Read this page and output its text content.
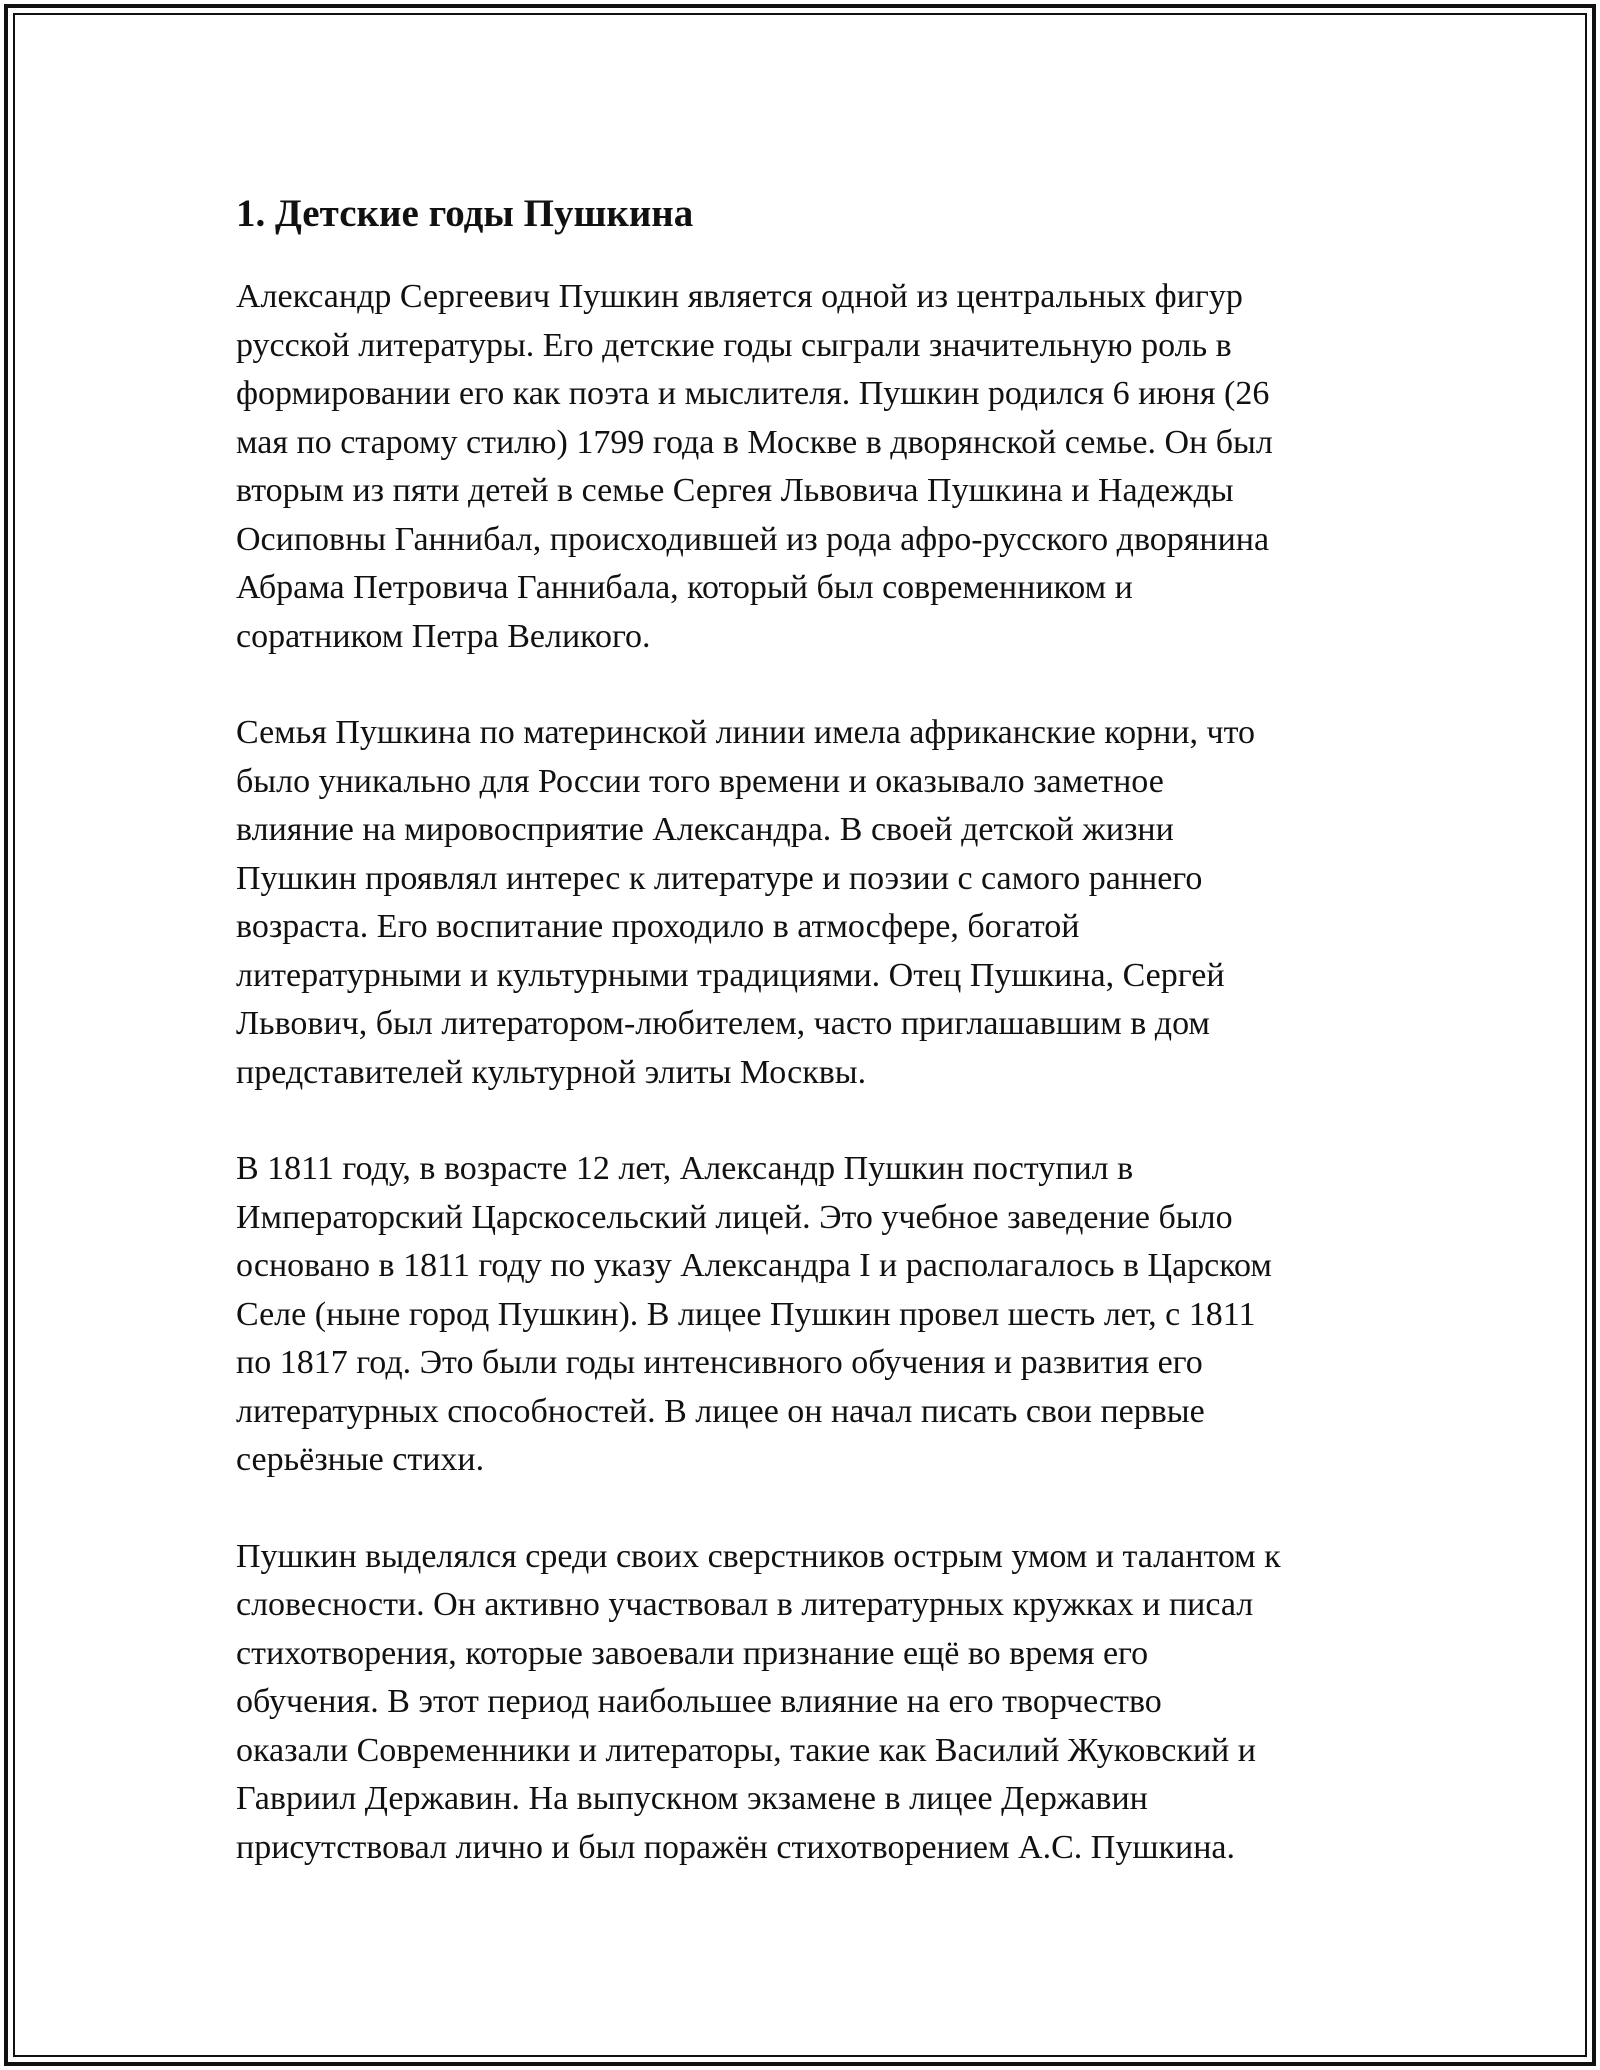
1. Детские годы Пушкина

Александр Сергеевич Пушкин является одной из центральных фигур
русской литературы. Его детские годы сыграли значительную роль в
формировании его как поэта и мыслителя. Пушкин родился 6 июня (26
мая по старому стилю) 1799 года в Москве в дворянской семье. Он был
вторым из пяти детей в семье Сергея Львовича Пушкина и Надежды
Осиповны Ганнибал, происходившей из рода афро-русского дворянина
Абрама Петровича Ганнибала, который был современником и
соратником Петра Великого.

Семья Пушкина по материнской линии имела африканские корни, что
было уникально для России того времени и оказывало заметное
влияние на мировосприятие Александра. В своей детской жизни
Пушкин проявлял интерес к литературе и поэзии с самого раннего
возраста. Его воспитание проходило в атмосфере, богатой
литературными и культурными традициями. Отец Пушкина, Сергей
Львович, был литератором-любителем, часто приглашавшим в дом
представителей культурной элиты Москвы.

В 1811 году, в возрасте 12 лет, Александр Пушкин поступил в
Императорский Царскосельский лицей. Это учебное заведение было
основано в 1811 году по указу Александра I и располагалось в Царском
Селе (ныне город Пушкин). В лицее Пушкин провел шесть лет, с 1811
по 1817 год. Это были годы интенсивного обучения и развития его
литературных способностей. В лицее он начал писать свои первые
серьёзные стихи.

Пушкин выделялся среди своих сверстников острым умом и талантом к
словесности. Он активно участвовал в литературных кружках и писал
стихотворения, которые завоевали признание ещё во время его
обучения. В этот период наибольшее влияние на его творчество
оказали Современники и литераторы, такие как Василий Жуковский и
Гавриил Державин. На выпускном экзамене в лицее Державин
присутствовал лично и был поражён стихотворением А.С. Пушкина.
